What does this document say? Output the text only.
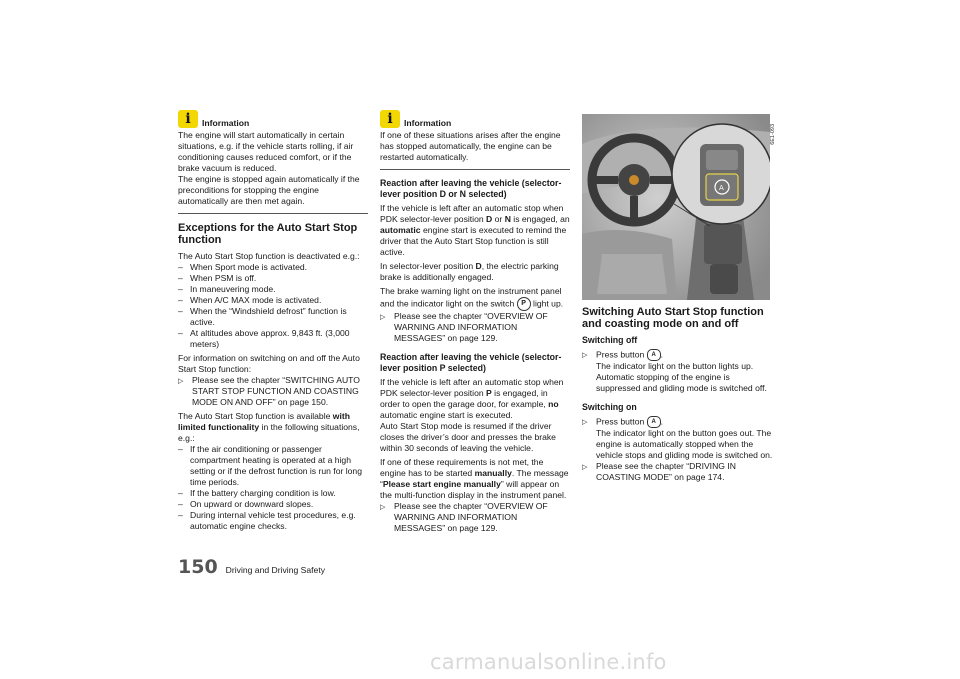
i	Information

The engine will start automatically in certain situations, e.g. if the vehicle starts rolling, if air conditioning causes reduced comfort, or if the brake vacuum is reduced.

The engine is stopped again automatically if the preconditions for stopping the engine automatically are then met again.

Exceptions for the Auto Start Stop function

The Auto Start Stop function is deactivated e.g.:

– When Sport mode is activated.
– When PSM is off.
– In maneuvering mode.
– When A/C MAX mode is activated.
– When the “Windshield defrost” function is active.
– At altitudes above approx. 9,843 ft. (3,000 meters)

For information on switching on and off the Auto Start Stop function:

▷	Please see the chapter “SWITCHING AUTO START STOP FUNCTION AND COASTING MODE ON AND OFF” on page 150.

The Auto Start Stop function is available with limited functionality in the following situations, e.g.:

– If the air conditioning or passenger compartment heating is operated at a high setting or if the defrost function is run for long time periods.
– If the battery charging condition is low.
– On upward or downward slopes.
– During internal vehicle test procedures, e.g. automatic engine checks.
i	Information

If one of these situations arises after the engine has stopped automatically, the engine can be restarted automatically.

Reaction after leaving the vehicle (selector-lever position D or N selected)

If the vehicle is left after an automatic stop when PDK selector-lever position D or N is engaged, an automatic engine start is executed to remind the driver that the Auto Start Stop function is still active.

In selector-lever position D, the electric parking brake is additionally engaged.

The brake warning light on the instrument panel and the indicator light on the switch P light up.

▷	Please see the chapter “OVERVIEW OF WARNING AND INFORMATION MESSAGES” on page 129.
Reaction after leaving the vehicle (selector-lever position P selected)

If the vehicle is left after an automatic stop when PDK selector-lever position P is engaged, in order to open the garage door, for example, no automatic engine start is executed.

Auto Start Stop mode is resumed if the driver closes the driver’s door and presses the brake within 30 seconds of leaving the vehicle.

If one of these requirements is not met, the engine has to be started manually. The message “Please start engine manually” will appear on the multi-function display in the instrument panel.

▷	Please see the chapter “OVERVIEW OF WARNING AND INFORMATION MESSAGES” on page 129.
A
6E1-093
Switching Auto Start Stop function and coasting mode on and off
Switching off
▷	Press button A .
The indicator light on the button lights up. Automatic stopping of the engine is suppressed and gliding mode is switched off.
Switching on
▷	Press button A .
The indicator light on the button goes out. The engine is automatically stopped when the vehicle stops and gliding mode is switched on.
▷	Please see the chapter “DRIVING IN COASTING MODE” on page 174.
150 Driving and Driving Safety
carmanualsonline.info
